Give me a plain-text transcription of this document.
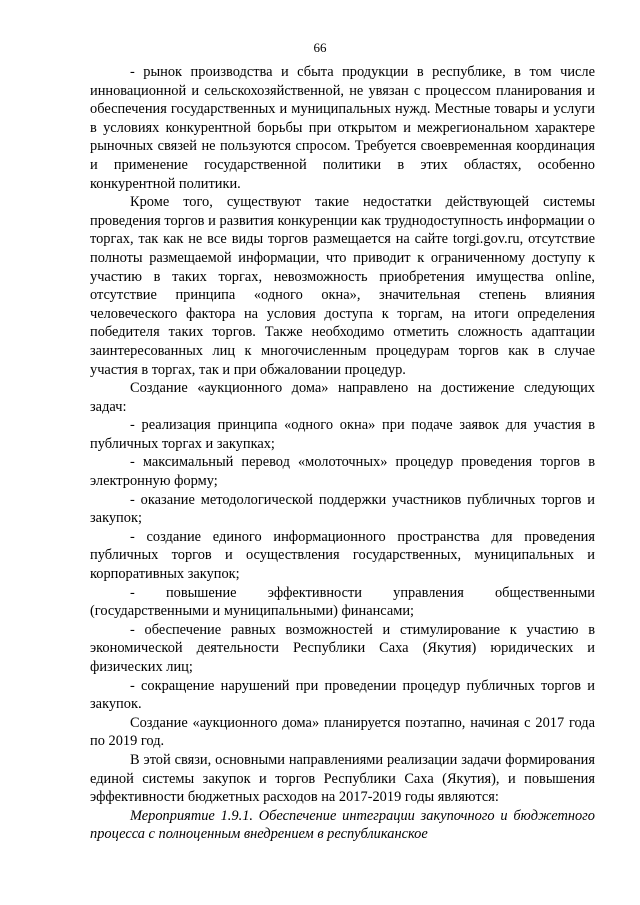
66

- рынок производства и сбыта продукции в республике, в том числе инновационной и сельскохозяйственной, не увязан с процессом планирования и обеспечения государственных и муниципальных нужд. Местные товары и услуги в условиях конкурентной борьбы при открытом и межрегиональном характере рыночных связей не пользуются спросом. Требуется своевременная координация и применение государственной политики в этих областях, особенно конкурентной политики.

Кроме того, существуют такие недостатки действующей системы проведения торгов и развития конкуренции как труднодоступность информации о торгах, так как не все виды торгов размещается на сайте torgi.gov.ru, отсутствие полноты размещаемой информации, что приводит к ограниченному доступу к участию в таких торгах, невозможность приобретения имущества online, отсутствие принципа «одного окна», значительная степень влияния человеческого фактора на условия доступа к торгам, на итоги определения победителя таких торгов. Также необходимо отметить сложность адаптации заинтересованных лиц к многочисленным процедурам торгов как в случае участия в торгах, так и при обжаловании процедур.

Создание «аукционного дома» направлено на достижение следующих задач:

- реализация принципа «одного окна» при подаче заявок для участия в публичных торгах и закупках;

- максимальный перевод «молоточных» процедур проведения торгов в электронную форму;

- оказание методологической поддержки участников публичных торгов и закупок;

- создание единого информационного пространства для проведения публичных торгов и осуществления государственных, муниципальных и корпоративных закупок;

- повышение эффективности управления общественными (государственными и муниципальными) финансами;

- обеспечение равных возможностей и стимулирование к участию в экономической деятельности Республики Саха (Якутия) юридических и физических лиц;

- сокращение нарушений при проведении процедур публичных торгов и закупок.

Создание «аукционного дома» планируется поэтапно, начиная с 2017 года по 2019 год.

В этой связи, основными направлениями реализации задачи формирования единой системы закупок и торгов Республики Саха (Якутия), и повышения эффективности бюджетных расходов на 2017-2019 годы являются:

Мероприятие 1.9.1. Обеспечение интеграции закупочного и бюджетного процесса с полноценным внедрением в республиканское
